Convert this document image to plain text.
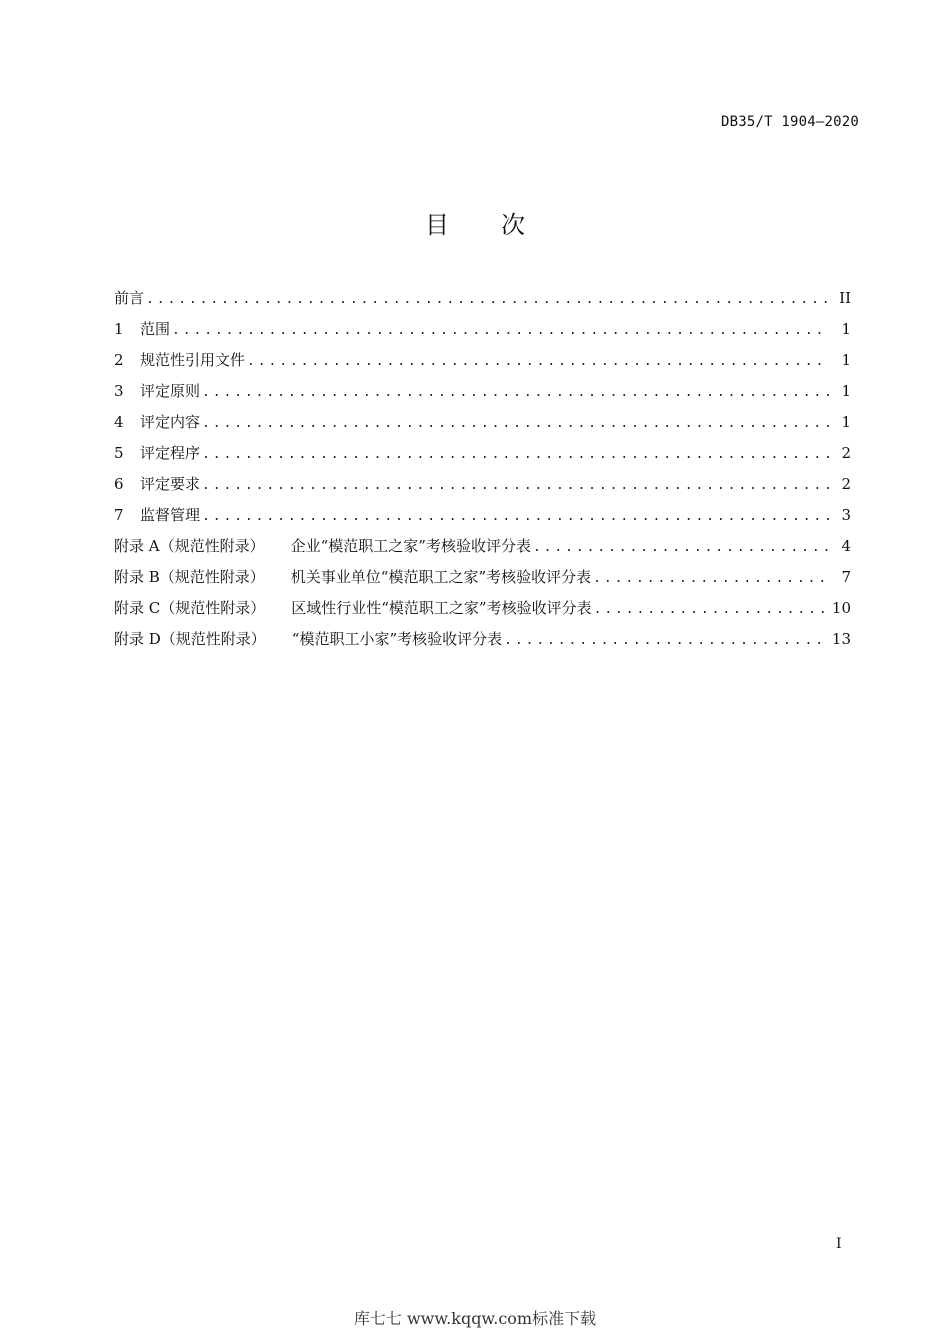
DB35/T 1904—2020
目 次
前言 .....	II
1	范围 .....	1
2	规范性引用文件 .....	1
3	评定原则 .....	1
4	评定内容 .....	1
5	评定程序 .....	2
6	评定要求 .....	2
7	监督管理 .....	3
附录 A（规范性附录） 企业“模范职工之家”考核验收评分表 .....	4
附录 B（规范性附录） 机关事业单位“模范职工之家”考核验收评分表 .....	7
附录 C（规范性附录） 区域性行业性“模范职工之家”考核验收评分表 .....	10
附录 D（规范性附录） “模范职工小家”考核验收评分表 .....	13
I
库七七 www.kqqw.com标准下载
